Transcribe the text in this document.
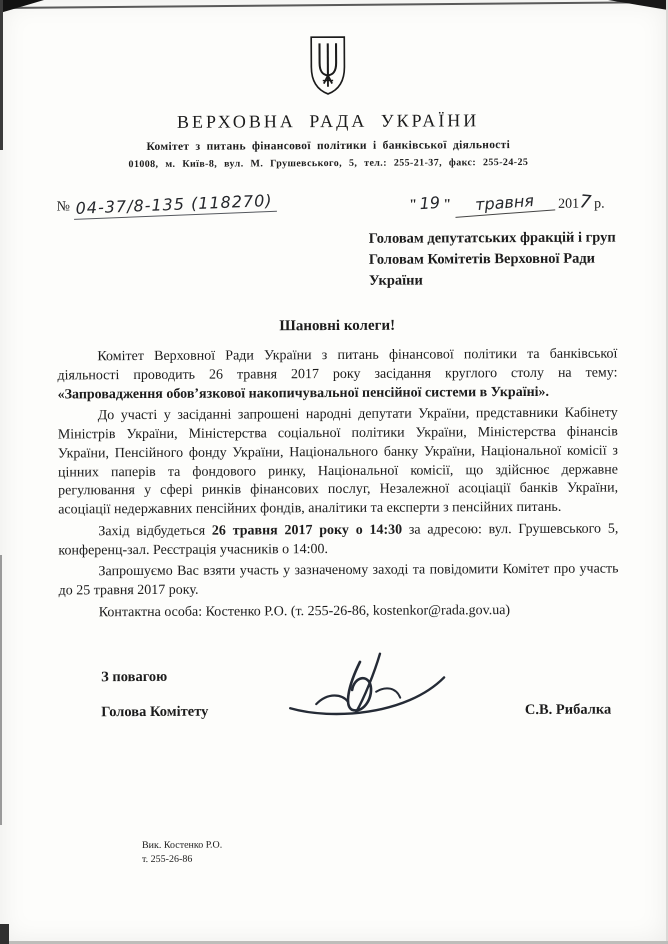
ВЕРХОВНА РАДА УКРАЇНИ
Комітет з питань фінансової політики і банківської діяльності
01008, м. Київ-8, вул. М. Грушевського, 5, тел.: 255-21-37, факс: 255-24-25
№ 04-37/8-135 (118270)	" 19 " травня 2017 р.
Головам депутатських фракцій і груп
Головам Комітетів Верховної Ради України
Шановні колеги!

Комітет Верховної Ради України з питань фінансової політики та банківської діяльності проводить 26 травня 2017 року засідання круглого столу на тему: «Запровадження обов’язкової накопичувальної пенсійної системи в Україні».

До участі у засіданні запрошені народні депутати України, представники Кабінету Міністрів України, Міністерства соціальної політики України, Міністерства фінансів України, Пенсійного фонду України, Національного банку України, Національної комісії з цінних паперів та фондового ринку, Національної комісії, що здійснює державне регулювання у сфері ринків фінансових послуг, Незалежної асоціації банків України, асоціації недержавних пенсійних фондів, аналітики та експерти з пенсійних питань.

Захід відбудеться 26 травня 2017 року о 14:30 за адресою: вул. Грушевського 5, конференц-зал. Реєстрація учасників о 14:00.

Запрошуємо Вас взяти участь у зазначеному заході та повідомити Комітет про участь до 25 травня 2017 року.

Контактна особа: Костенко Р.О. (т. 255-26-86, kostenkor@rada.gov.ua)

З повагою
Голова Комітету	С.В. Рибалка
Вик. Костенко Р.О.
т. 255-26-86
